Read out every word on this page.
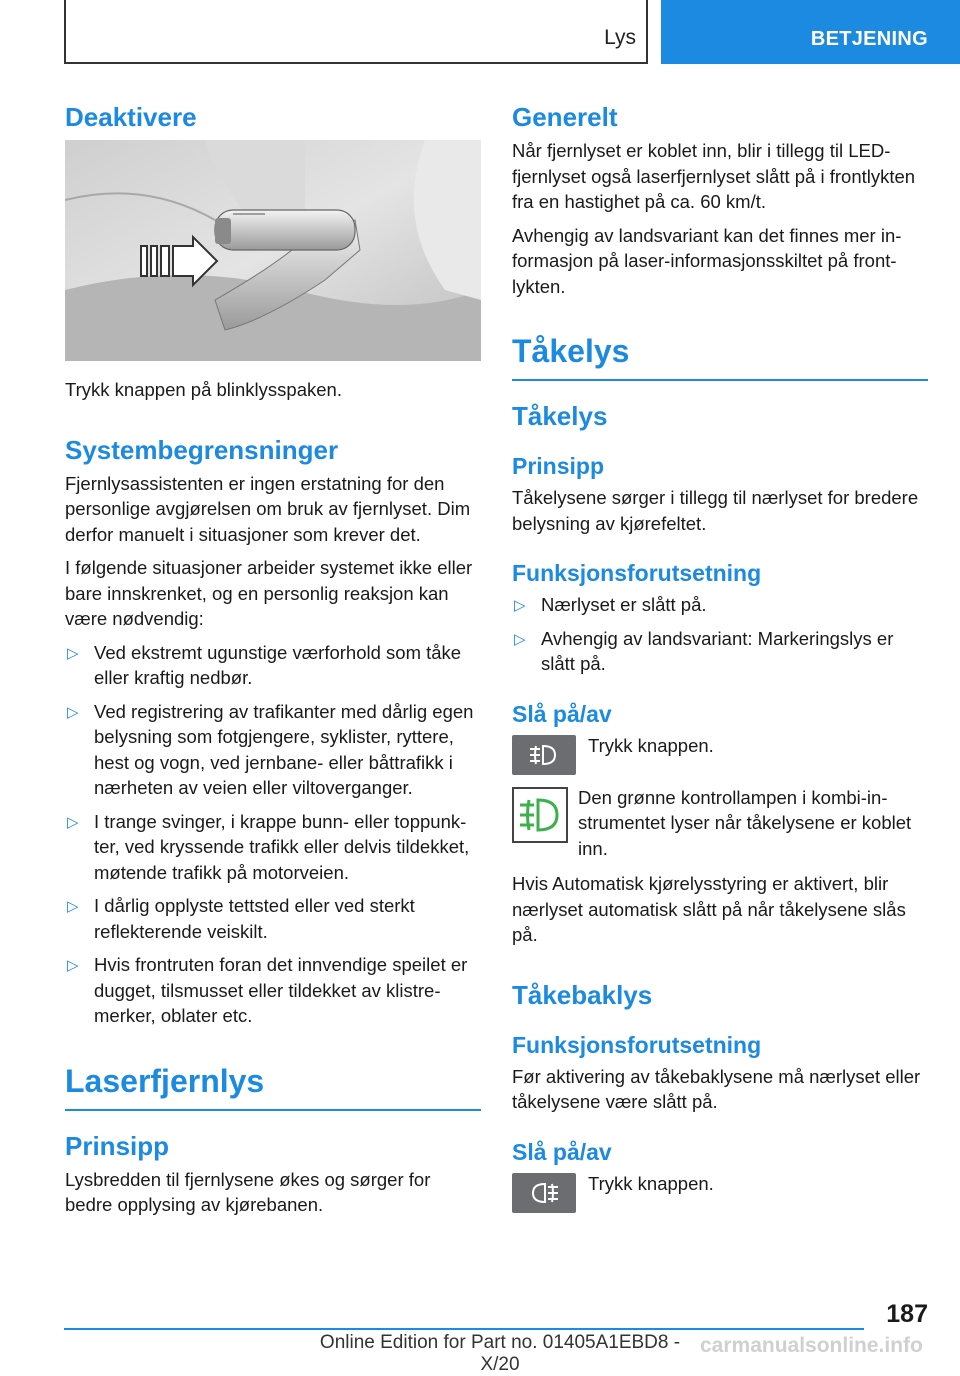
Lys	BETJENING
Deaktivere

Trykk knappen på blinklysspaken.

Systembegrensninger

Fjernlysassistenten er ingen erstatning for den personlige avgjørelsen om bruk av fjernlyset. Dim derfor manuelt i situasjoner som krever det.

I følgende situasjoner arbeider systemet ikke eller bare innskrenket, og en personlig reaksjon kan være nødvendig:

▷ Ved ekstremt ugunstige værforhold som tåke eller kraftig nedbør.
▷ Ved registrering av trafikanter med dårlig egen belysning som fotgjengere, syklister, ryttere, hest og vogn, ved jernbane- eller båttrafikk i nærheten av veien eller viltoverganger.
▷ I trange svinger, i krappe bunn- eller toppunkter, ved kryssende trafikk eller delvis tildekket, møtende trafikk på motorveien.
▷ I dårlig opplyste tettsted eller ved sterkt reflekterende veiskilt.
▷ Hvis frontruten foran det innvendige speilet er dugget, tilsmusset eller tildekket av klistremerker, oblater etc.
Laserfjernlys
Prinsipp

Lysbredden til fjernlysene økes og sørger for bedre opplysing av kjørebanen.

Generelt

Når fjernlyset er koblet inn, blir i tillegg til LED-fjernlyset også laserfjernlyset slått på i frontlykten fra en hastighet på ca. 60 km/t.

Avhengig av landsvariant kan det finnes mer informasjon på laser-informasjonsskiltet på frontlykten.

Tåkelys
Tåkelys
Prinsipp

Tåkelysene sørger i tillegg til nærlyset for bredere belysning av kjørefeltet.

Funksjonsforutsetning
▷ Nærlyset er slått på.
▷ Avhengig av landsvariant: Markeringslys er slått på.
Slå på/av

Trykk knappen.

Den grønne kontrollampen i kombi-instrumentet lyser når tåkelysene er koblet inn.

Hvis Automatisk kjørelysstyring er aktivert, blir nærlyset automatisk slått på når tåkelysene slås på.

Tåkebaklys
Funksjonsforutsetning

Før aktivering av tåkebaklysene må nærlyset eller tåkelysene være slått på.

Slå på/av

Trykk knappen.

187
Online Edition for Part no. 01405A1EBD8 - X/20
carmanualsonline.info
